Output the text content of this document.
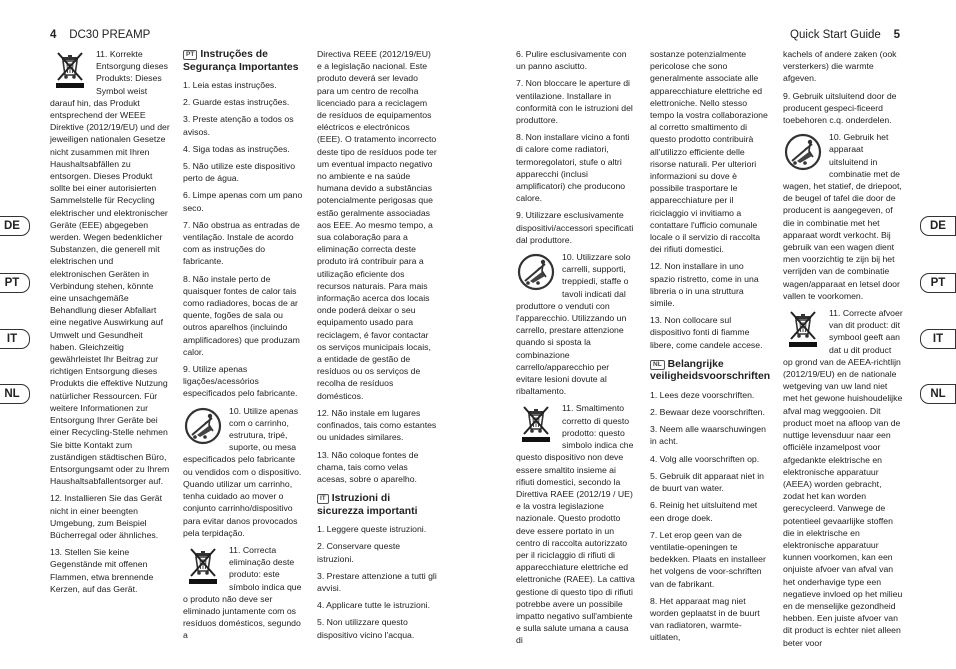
4 DC30 PREAMP	Quick Start Guide 5
DE
PT
IT
NL
DE
PT
IT
NL

11. Korrekte Entsorgung dieses Produkts: Dieses Symbol weist darauf hin, das Produkt entsprechend der WEEE Direktive (2012/19/EU) und der jeweiligen nationalen Gesetze nicht zusammen mit Ihren Haushaltsabfällen zu entsorgen. Dieses Produkt sollte bei einer autorisierten Sammelstelle für Recycling elektrischer und elektronischer Geräte (EEE) abgegeben werden. Wegen bedenklicher Substanzen, die generell mit elektrischen und elektronischen Geräten in Verbindung stehen, könnte eine unsachgemäße Behandlung dieser Abfallart eine negative Auswirkung auf Umwelt und Gesundheit haben. Gleichzeitig gewährleistet Ihr Beitrag zur richtigen Entsorgung dieses Produkts die effektive Nutzung natürlicher Ressourcen. Für weitere Informationen zur Entsorgung Ihrer Geräte bei einer Recycling-Stelle nehmen Sie bitte Kontakt zum zuständigen städtischen Büro, Entsorgungsamt oder zu Ihrem Haushaltsabfallentsorger auf.

12. Installieren Sie das Gerät nicht in einer beengten Umgebung, zum Beispiel Bücherregal oder ähnliches.

13. Stellen Sie keine Gegenstände mit offenen Flammen, etwa brennende Kerzen, auf das Gerät.

PT Instruções de Segurança Importantes

1. Leia estas instruções.

2. Guarde estas instruções.

3. Preste atenção a todos os avisos.

4. Siga todas as instruções.

5. Não utilize este dispositivo perto de água.

6. Limpe apenas com um pano seco.

7. Não obstrua as entradas de ventilação. Instale de acordo com as instruções do fabricante.

8. Não instale perto de quaisquer fontes de calor tais como radiadores, bocas de ar quente, fogões de sala ou outros aparelhos (incluindo amplificadores) que produzam calor.

9. Utilize apenas ligações/acessórios especificados pelo fabricante.

10. Utilize apenas com o carrinho, estrutura, tripé, suporte, ou mesa especificados pelo fabricante ou vendidos com o dispositivo. Quando utilizar um carrinho, tenha cuidado ao mover o conjunto carrinho/dispositivo para evitar danos provocados pela terpidação.

11. Correcta eliminação deste produto: este símbolo indica que o produto não deve ser eliminado juntamente com os resíduos domésticos, segundo a

Directiva REEE (2012/19/EU) e a legislação nacional. Este produto deverá ser levado para um centro de recolha licenciado para a reciclagem de resíduos de equipamentos eléctricos e electrónicos (EEE). O tratamento incorrecto deste tipo de resíduos pode ter um eventual impacto negativo no ambiente e na saúde humana devido a substâncias potencialmente perigosas que estão geralmente associadas aos EEE. Ao mesmo tempo, a sua colaboração para a eliminação correcta deste produto irá contribuir para a utilização eficiente dos recursos naturais. Para mais informação acerca dos locais onde poderá deixar o seu equipamento usado para reciclagem, é favor contactar os serviços municipais locais, a entidade de gestão de resíduos ou os serviços de recolha de resíduos domésticos.

12. Não instale em lugares confinados, tais como estantes ou unidades similares.

13. Não coloque fontes de chama, tais como velas acesas, sobre o aparelho.

IT Istruzioni di sicurezza importanti

1. Leggere queste istruzioni.

2. Conservare queste istruzioni.

3. Prestare attenzione a tutti gli avvisi.

4. Applicare tutte le istruzioni.

5. Non utilizzare questo dispositivo vicino l'acqua.

6. Pulire esclusivamente con un panno asciutto.

7. Non bloccare le aperture di ventilazione. Installare in conformità con le istruzioni del produttore.

8. Non installare vicino a fonti di calore come radiatori, termoregolatori, stufe o altri apparecchi (inclusi amplificatori) che producono calore.

9. Utilizzare esclusivamente dispositivi/accessori specificati dal produttore.

10. Utilizzare solo carrelli, supporti, treppiedi, staffe o tavoli indicati dal produttore o venduti con l'apparecchio. Utilizzando un carrello, prestare attenzione quando si sposta la combinazione carrello/apparecchio per evitare lesioni dovute al ribaltamento.

11. Smaltimento corretto di questo prodotto: questo simbolo indica che questo dispositivo non deve essere smaltito insieme ai rifiuti domestici, secondo la Direttiva RAEE (2012/19 / UE) e la vostra legislazione nazionale. Questo prodotto deve essere portato in un centro di raccolta autorizzato per il riciclaggio di rifiuti di apparecchiature elettriche ed elettroniche (RAEE). La cattiva gestione di questo tipo di rifiuti potrebbe avere un possibile impatto negativo sull'ambiente e sulla salute umana a causa di

sostanze potenzialmente pericolose che sono generalmente associate alle apparecchiature elettriche ed elettroniche. Nello stesso tempo la vostra collaborazione al corretto smaltimento di questo prodotto contribuirà all'utilizzo efficiente delle risorse naturali. Per ulteriori informazioni su dove è possibile trasportare le apparecchiature per il riciclaggio vi invitiamo a contattare l'ufficio comunale locale o il servizio di raccolta dei rifiuti domestici.

12. Non installare in uno spazio ristretto, come in una libreria o in una struttura simile.

13. Non collocare sul dispositivo fonti di fiamme libere, come candele accese.

NL Belangrijke veiligheidsvoorschriften

1. Lees deze voorschriften.

2. Bewaar deze voorschriften.

3. Neem alle waarschuwingen in acht.

4. Volg alle voorschriften op.

5. Gebruik dit apparaat niet in de buurt van water.

6. Reinig het uitsluitend met een droge doek.

7. Let erop geen van de ventilatie-openingen te bedekken. Plaats en installeer het volgens de voor-schriften van de fabrikant.

8. Het apparaat mag niet worden geplaatst in de buurt van radiatoren, warmte-uitlaten,

kachels of andere zaken (ook versterkers) die warmte afgeven.

9. Gebruik uitsluitend door de producent gespeci-ficeerd toebehoren c.q. onderdelen.

10. Gebruik het apparaat uitsluitend in combinatie met de wagen, het statief, de driepoot, de beugel of tafel die door de producent is aangegeven, of die in combinatie met het apparaat wordt verkocht. Bij gebruik van een wagen dient men voorzichtig te zijn bij het verrijden van de combinatie wagen/apparaat en letsel door vallen te voorkomen.

11. Correcte afvoer van dit product: dit symbool geeft aan dat u dit product op grond van de AEEA-richtlijn (2012/19/EU) en de nationale wetgeving van uw land niet met het gewone huishoudelijke afval mag weggooien. Dit product moet na afloop van de nuttige levensduur naar een officiële inzamelpost voor afgedankte elektrische en elektronische apparatuur (AEEA) worden gebracht, zodat het kan worden gerecycleerd. Vanwege de potentieel gevaarlijke stoffen die in elektrische en elektronische apparatuur kunnen voorkomen, kan een onjuiste afvoer van afval van het onderhavige type een negatieve invloed op het milieu en de menselijke gezondheid hebben. Een juiste afvoer van dit product is echter niet alleen beter voor
